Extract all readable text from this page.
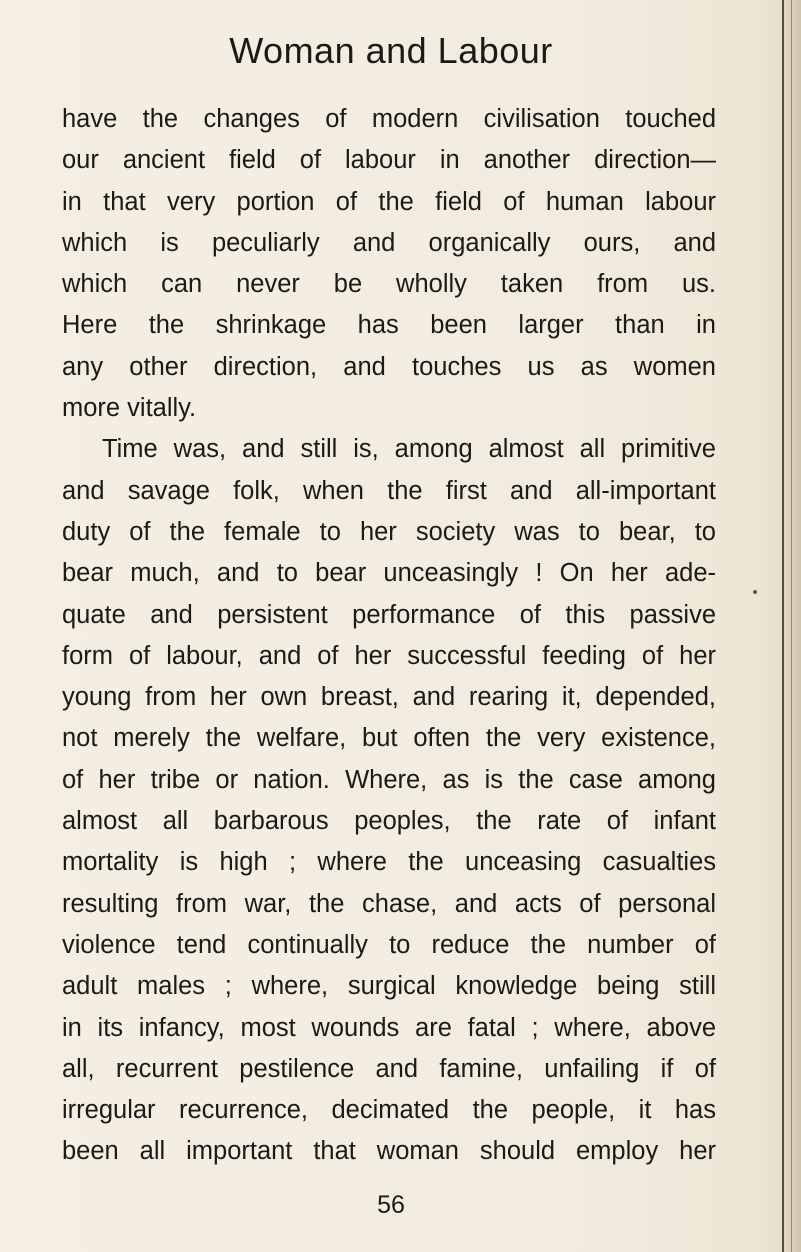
Woman and Labour
have the changes of modern civilisation touched
our ancient field of labour in another direction—
in that very portion of the field of human labour
which is peculiarly and organically ours, and
which can never be wholly taken from us.
Here the shrinkage has been larger than in
any other direction, and touches us as women
more vitally.
Time was, and still is, among almost all primitive
and savage folk, when the first and all-important
duty of the female to her society was to bear, to
bear much, and to bear unceasingly ! On her ade-
quate and persistent performance of this passive
form of labour, and of her successful feeding of her
young from her own breast, and rearing it, depended,
not merely the welfare, but often the very existence,
of her tribe or nation. Where, as is the case among
almost all barbarous peoples, the rate of infant
mortality is high ; where the unceasing casualties
resulting from war, the chase, and acts of personal
violence tend continually to reduce the number of
adult males ; where, surgical knowledge being still
in its infancy, most wounds are fatal ; where, above
all, recurrent pestilence and famine, unfailing if of
irregular recurrence, decimated the people, it has
been all important that woman should employ her
56
